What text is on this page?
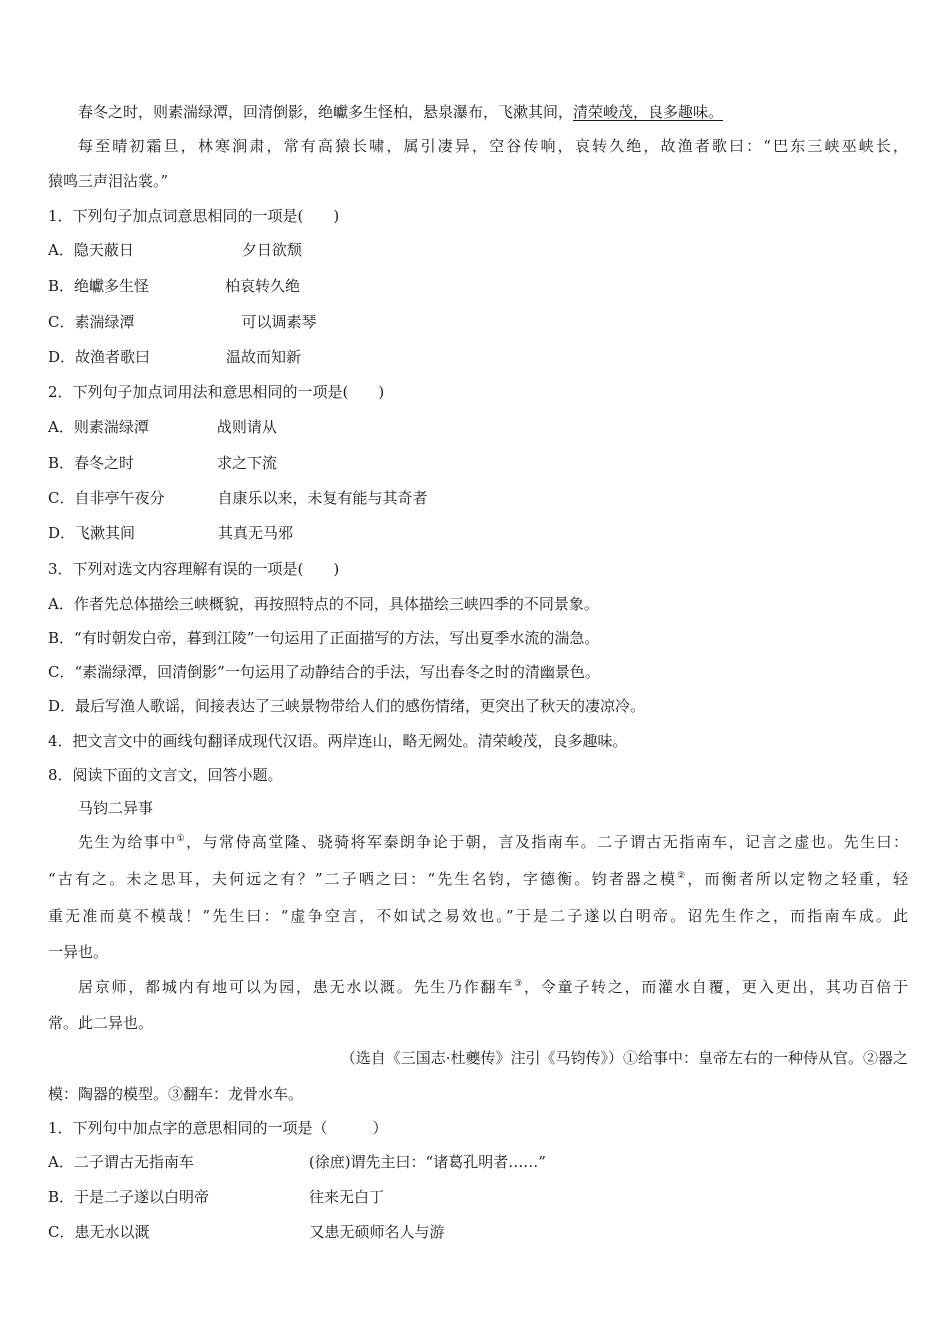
春冬之时，则素湍绿潭，回清倒影，绝巘多生怪柏，悬泉瀑布，飞漱其间，清荣峻茂，良多趣味。
每至晴初霜旦，林寒涧肃，常有高猿长啸，属引凄异，空谷传响，哀转久绝，故渔者歌曰：“巴东三峡巫峡长，
猿鸣三声泪沾裳。”
1．下列句子加点词意思相同的一项是(　　)
A．隐天蔽日	夕日欲颓
B．绝巘多生怪	柏哀转久绝
C．素湍绿潭	可以调素琴
D．故渔者歌曰	温故而知新
2．下列句子加点词用法和意思相同的一项是(　　)
A．则素湍绿潭	战则请从
B．春冬之时	求之下流
C．自非亭午夜分	自康乐以来，未复有能与其奇者
D．飞漱其间	其真无马邪
3．下列对选文内容理解有误的一项是(　　)
A．作者先总体描绘三峡概貌，再按照特点的不同，具体描绘三峡四季的不同景象。
B．“有时朝发白帝，暮到江陵”一句运用了正面描写的方法，写出夏季水流的湍急。
C．“素湍绿潭，回清倒影”一句运用了动静结合的手法，写出春冬之时的清幽景色。
D．最后写渔人歌谣，间接表达了三峡景物带给人们的感伤情绪，更突出了秋天的凄凉冷。
4．把文言文中的画线句翻译成现代汉语。两岸连山，略无阙处。清荣峻茂，良多趣味。
8．阅读下面的文言文，回答小题。
马钧二异事
先生为给事中①，与常侍高堂隆、骁骑将军秦朗争论于朝，言及指南车。二子谓古无指南车，记言之虚也。先生曰：
“古有之。未之思耳，夫何远之有？”二子哂之曰：“先生名钧，字德衡。钧者器之模②，而衡者所以定物之轻重，轻
重无准而莫不模哉！”先生曰：“虚争空言，不如试之易效也。”于是二子遂以白明帝。诏先生作之，而指南车成。此
一异也。
居京师，都城内有地可以为园，患无水以溉。先生乃作翻车③，令童子转之，而灌水自覆，更入更出，其功百倍于
常。此二异也。
（选自《三国志·杜夔传》注引《马钧传》）①给事中：皇帝左右的一种侍从官。②器之
模：陶器的模型。③翻车：龙骨水车。
1．下列句中加点字的意思相同的一项是（　　　）
A．二子谓古无指南车	(徐庶)谓先主曰：“诸葛孔明者……”
B．于是二子遂以白明帝	往来无白丁
C．患无水以溉	又患无硕师名人与游
